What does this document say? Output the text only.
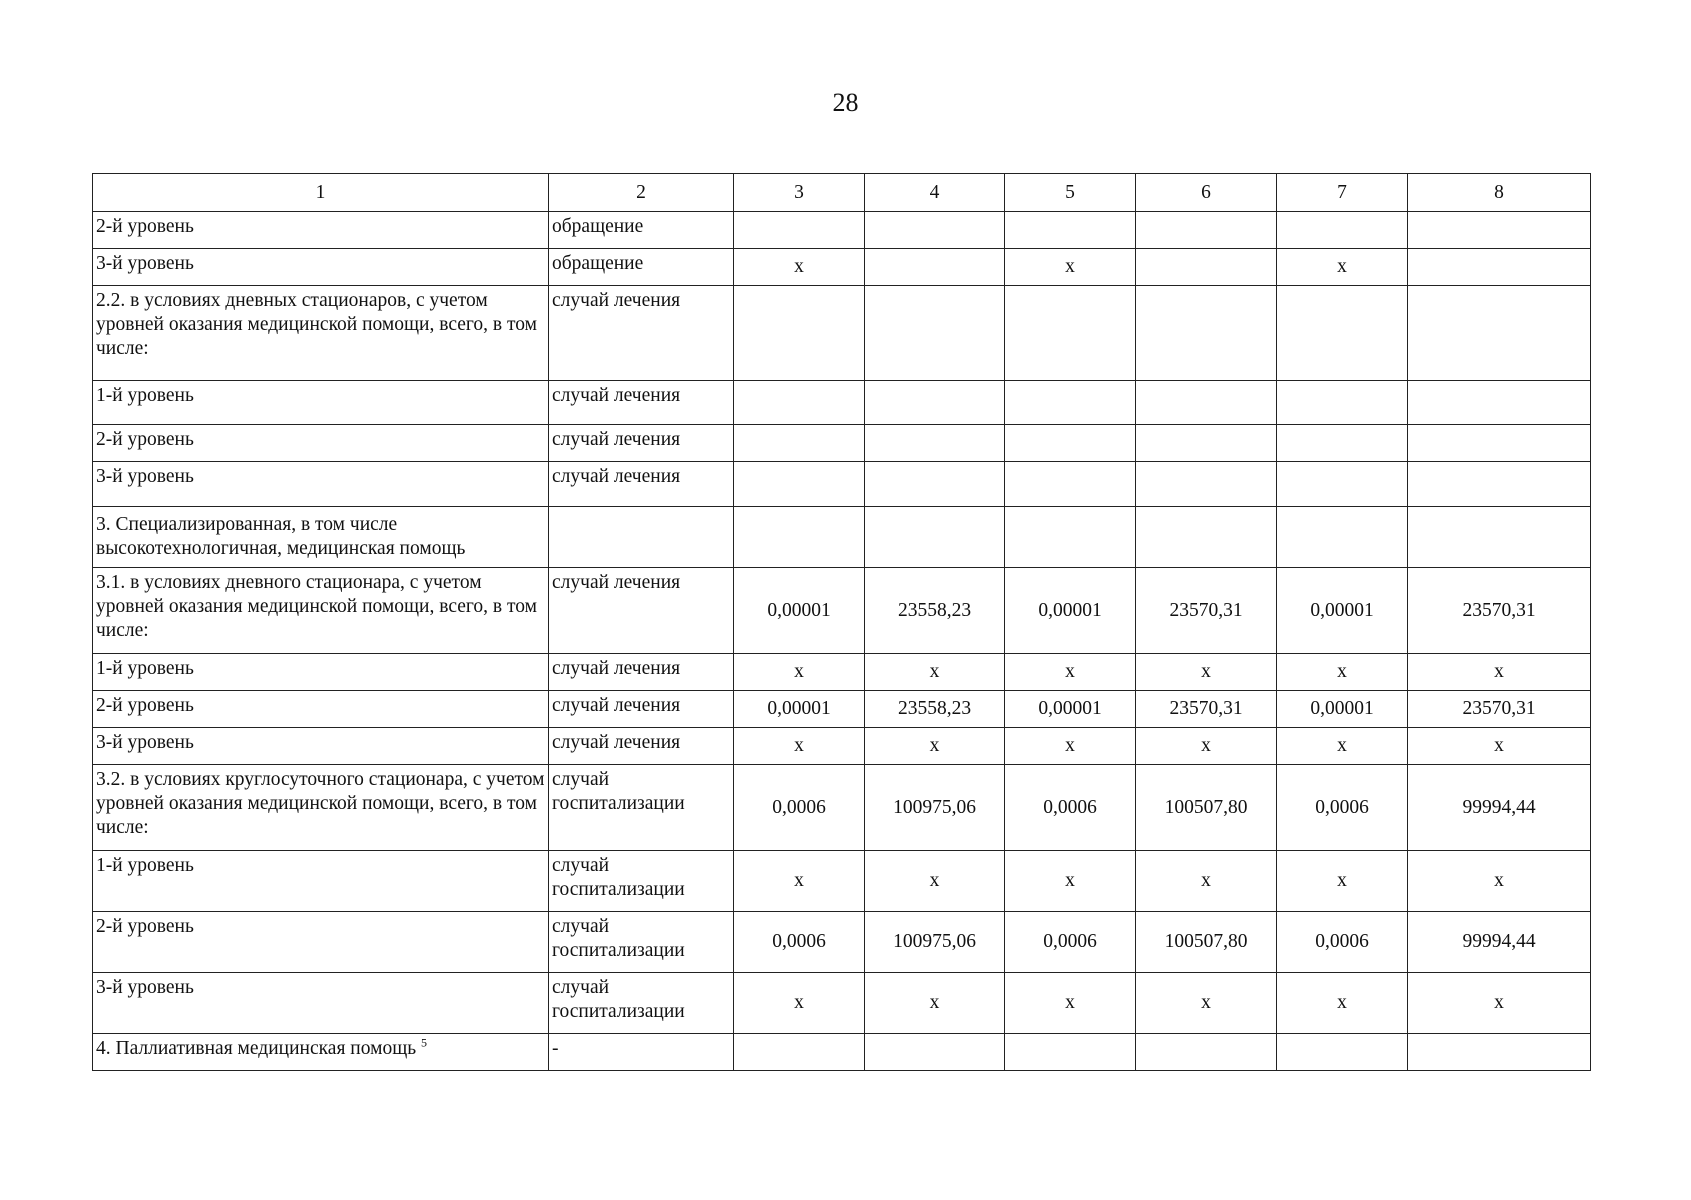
28
1	2	3	4	5	6	7	8
2-й уровень	обращение						
3-й уровень	обращение	х		х		х	
2.2. в условиях дневных стационаров, с учетом уровней оказания медицинской помощи, всего, в том числе:	случай лечения						
1-й уровень	случай лечения						
2-й уровень	случай лечения						
3-й уровень	случай лечения						
3. Специализированная, в том числе высокотехнологичная, медицинская помощь							
3.1. в условиях дневного стационара, с учетом уровней оказания медицинской помощи, всего, в том числе:	случай лечения	0,00001	23558,23	0,00001	23570,31	0,00001	23570,31
1-й уровень	случай лечения	х	х	х	х	х	х
2-й уровень	случай лечения	0,00001	23558,23	0,00001	23570,31	0,00001	23570,31
3-й уровень	случай лечения	х	х	х	х	х	х
3.2. в условиях круглосуточного стационара, с учетом уровней оказания медицинской помощи, всего, в том числе:	случай госпитализации	0,0006	100975,06	0,0006	100507,80	0,0006	99994,44
1-й уровень	случай госпитализации	х	х	х	х	х	х
2-й уровень	случай госпитализации	0,0006	100975,06	0,0006	100507,80	0,0006	99994,44
3-й уровень	случай госпитализации	х	х	х	х	х	х
4. Паллиативная медицинская помощь $^5$	-						
